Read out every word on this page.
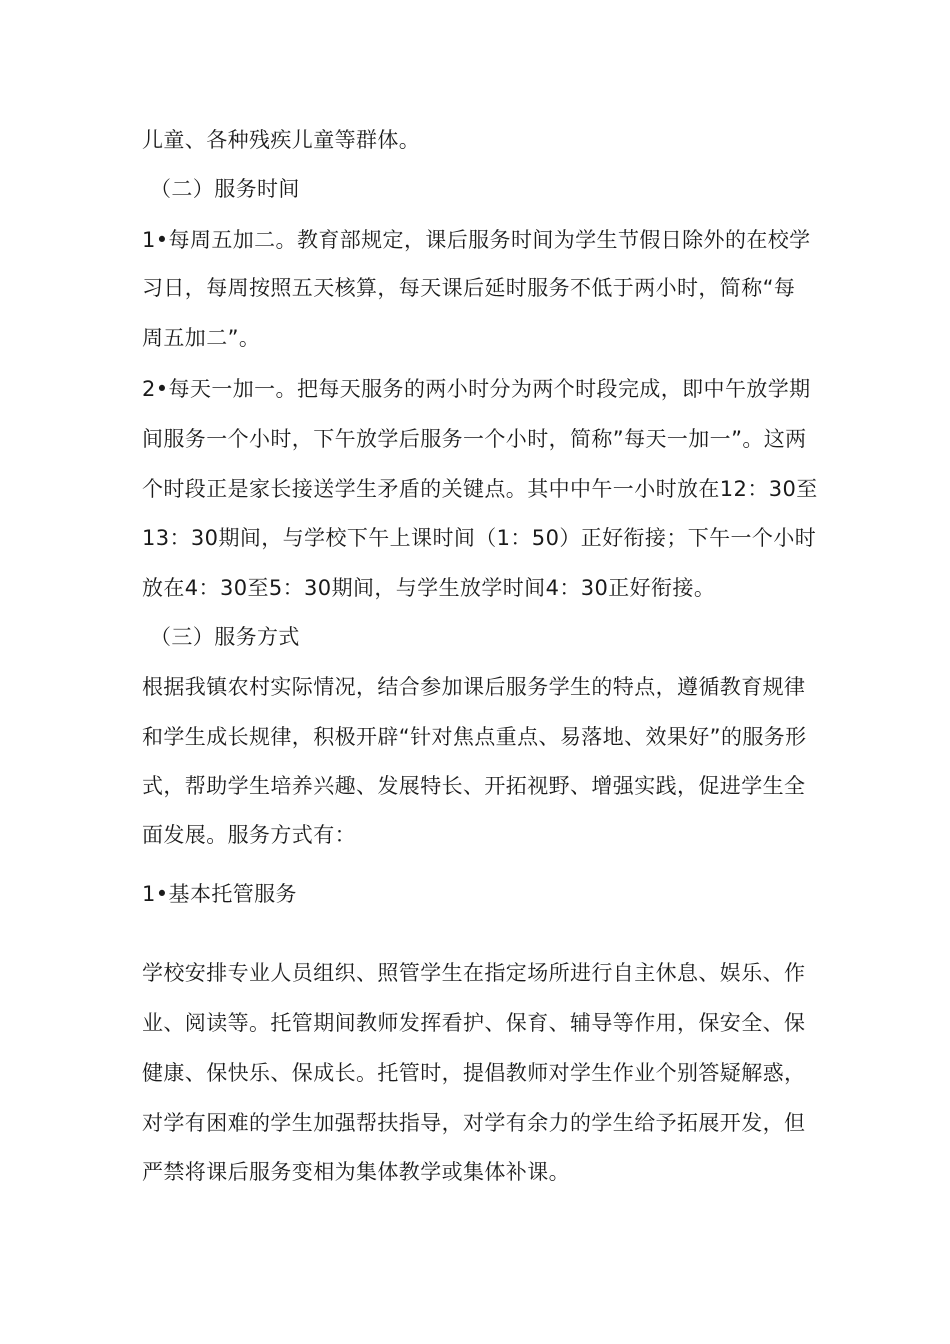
儿童、各种残疾儿童等群体。

（二）服务时间

1•每周五加二。教育部规定，课后服务时间为学生节假日除外的在校学

习日，每周按照五天核算，每天课后延时服务不低于两小时，简称“每

周五加二”。

2•每天一加一。把每天服务的两小时分为两个时段完成，即中午放学期

间服务一个小时，下午放学后服务一个小时，简称”每天一加一”。这两

个时段正是家长接送学生矛盾的关键点。其中中午一小时放在12：30至

13：30期间，与学校下午上课时间（1：50）正好衔接；下午一个小时

放在4：30至5：30期间，与学生放学时间4：30正好衔接。

（三）服务方式

根据我镇农村实际情况，结合参加课后服务学生的特点，遵循教育规律

和学生成长规律，积极开辟“针对焦点重点、易落地、效果好”的服务形

式，帮助学生培养兴趣、发展特长、开拓视野、增强实践，促进学生全

面发展。服务方式有：

1•基本托管服务

学校安排专业人员组织、照管学生在指定场所进行自主休息、娱乐、作

业、阅读等。托管期间教师发挥看护、保育、辅导等作用，保安全、保

健康、保快乐、保成长。托管时，提倡教师对学生作业个别答疑解惑，

对学有困难的学生加强帮扶指导，对学有余力的学生给予拓展开发，但

严禁将课后服务变相为集体教学或集体补课。
